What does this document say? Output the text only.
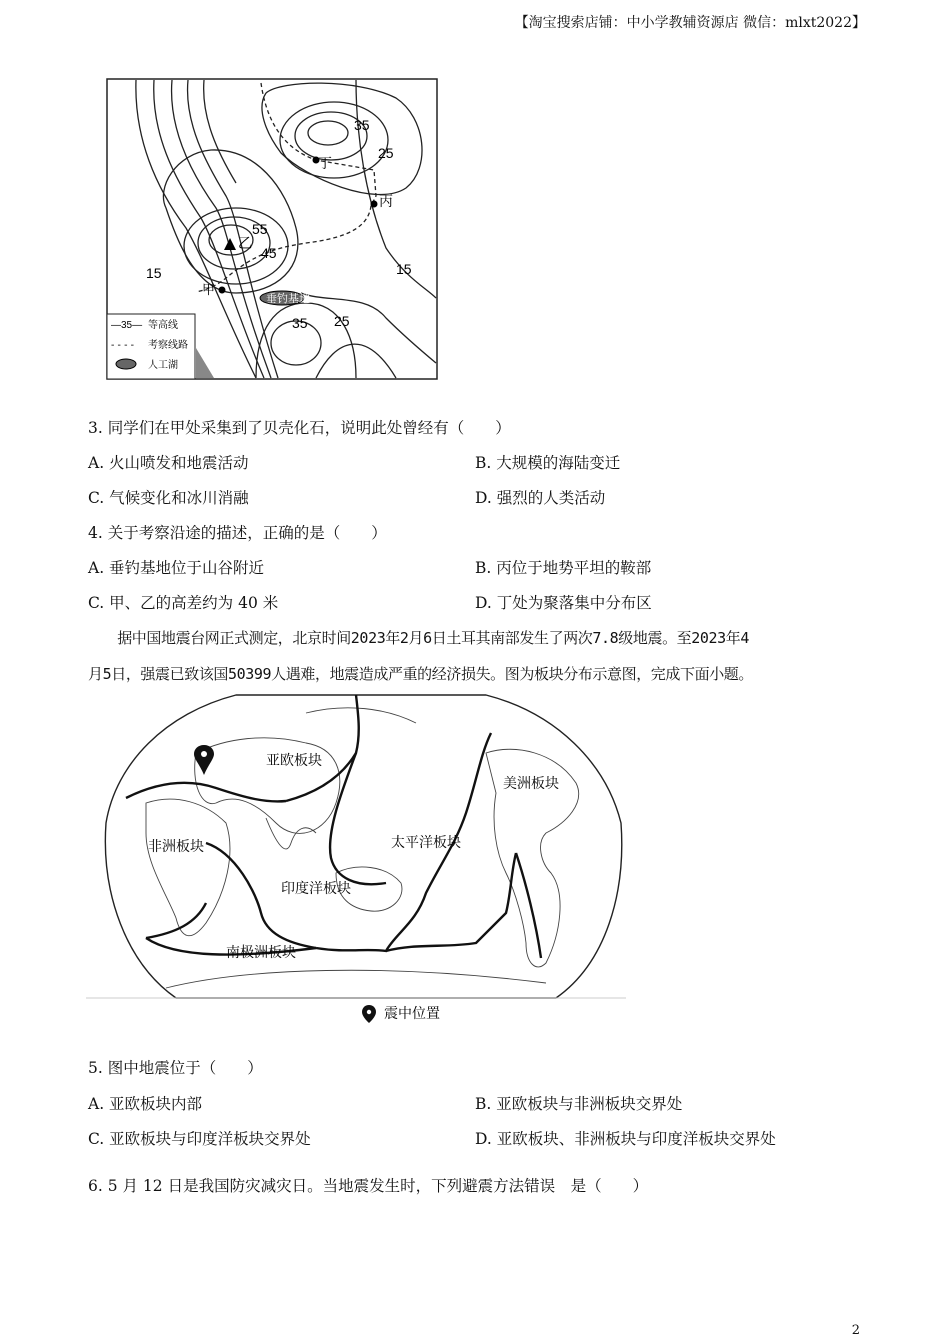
【淘宝搜索店铺：中小学教辅资源店 微信：mlxt2022】
35
25
55
45
15	15
35 25
丁
丙
乙
甲
垂钓基地
—35— 等高线
- - - - 考察线路
人工湖
3. 同学们在甲处采集到了贝壳化石，说明此处曾经有（　　）
A. 火山喷发和地震活动	B. 大规模的海陆变迁
C. 气候变化和冰川消融	D. 强烈的人类活动
4. 关于考察沿途的描述，正确的是（　　）
A. 垂钓基地位于山谷附近	B. 丙位于地势平坦的鞍部
C. 甲、乙的高差约为 40 米	D. 丁处为聚落集中分布区
　　据中国地震台网正式测定，北京时间2023年2月6日土耳其南部发生了两次7.8级地震。至2023年4
月5日，强震已致该国50399人遇难，地震造成严重的经济损失。图为板块分布示意图，完成下面小题。
亚欧板块
美洲板块
非洲板块	太平洋板块
印度洋板块
南极洲板块
震中位置
5. 图中地震位于（　　）
A. 亚欧板块内部	B. 亚欧板块与非洲板块交界处
C. 亚欧板块与印度洋板块交界处	D. 亚欧板块、非洲板块与印度洋板块交界处
6. 5 月 12 日是我国防灾减灾日。当地震发生时，下列避震方法错误　是（　　）
2
